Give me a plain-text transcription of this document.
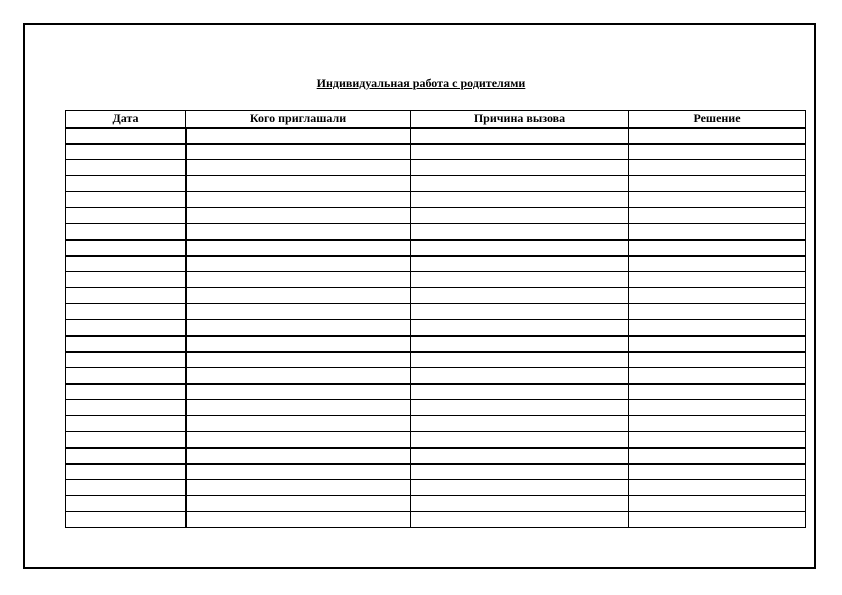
Индивидуальная работа с родителями
Дата	Кого приглашали	Причина вызова	Решение
